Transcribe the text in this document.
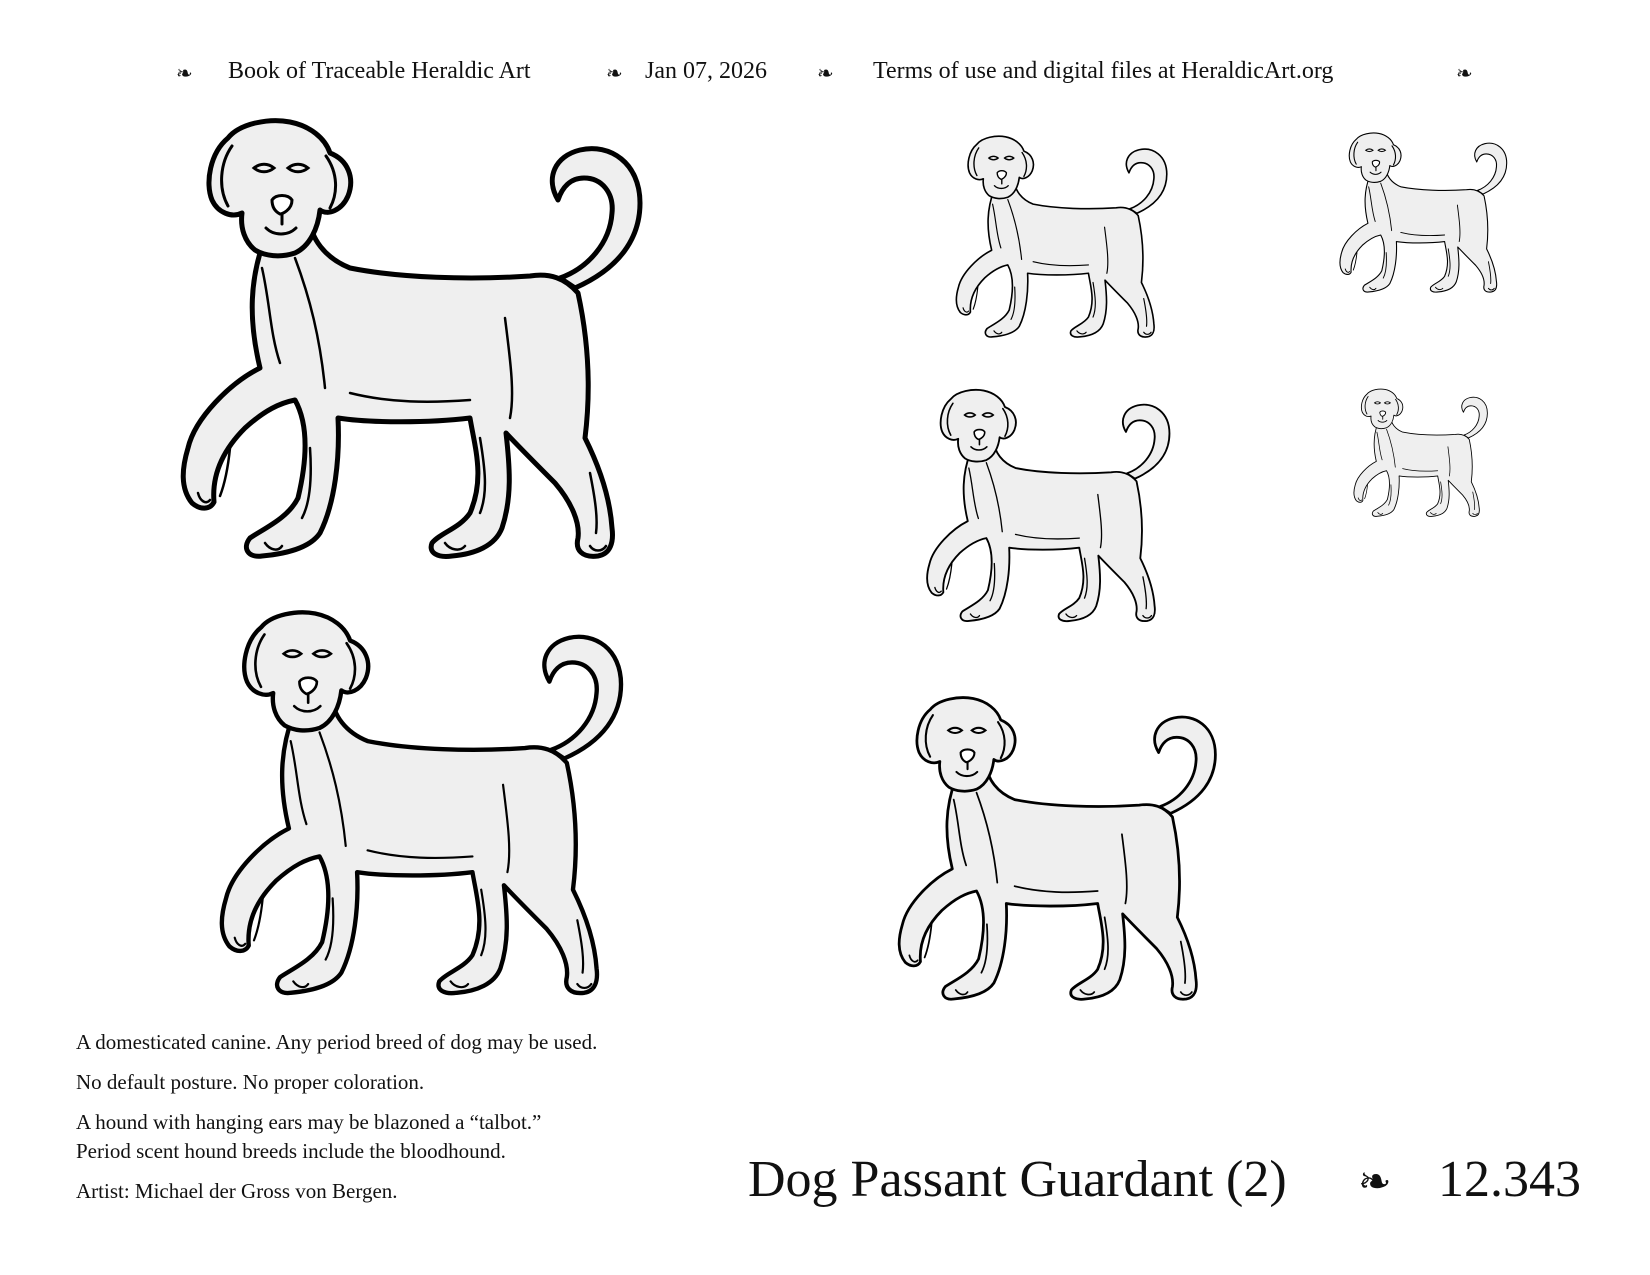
❧ Book of Traceable Heraldic Art	❧ Jan 07, 2026	❧ Terms of use and digital files at HeraldicArt.org	❧

A domesticated canine. Any period breed of dog may be used.

No default posture. No proper coloration.

A hound with hanging ears may be blazoned a “talbot.”

Period scent hound breeds include the bloodhound.

Artist: Michael der Gross von Bergen.	Dog Passant Guardant (2) ❧ 12.343
